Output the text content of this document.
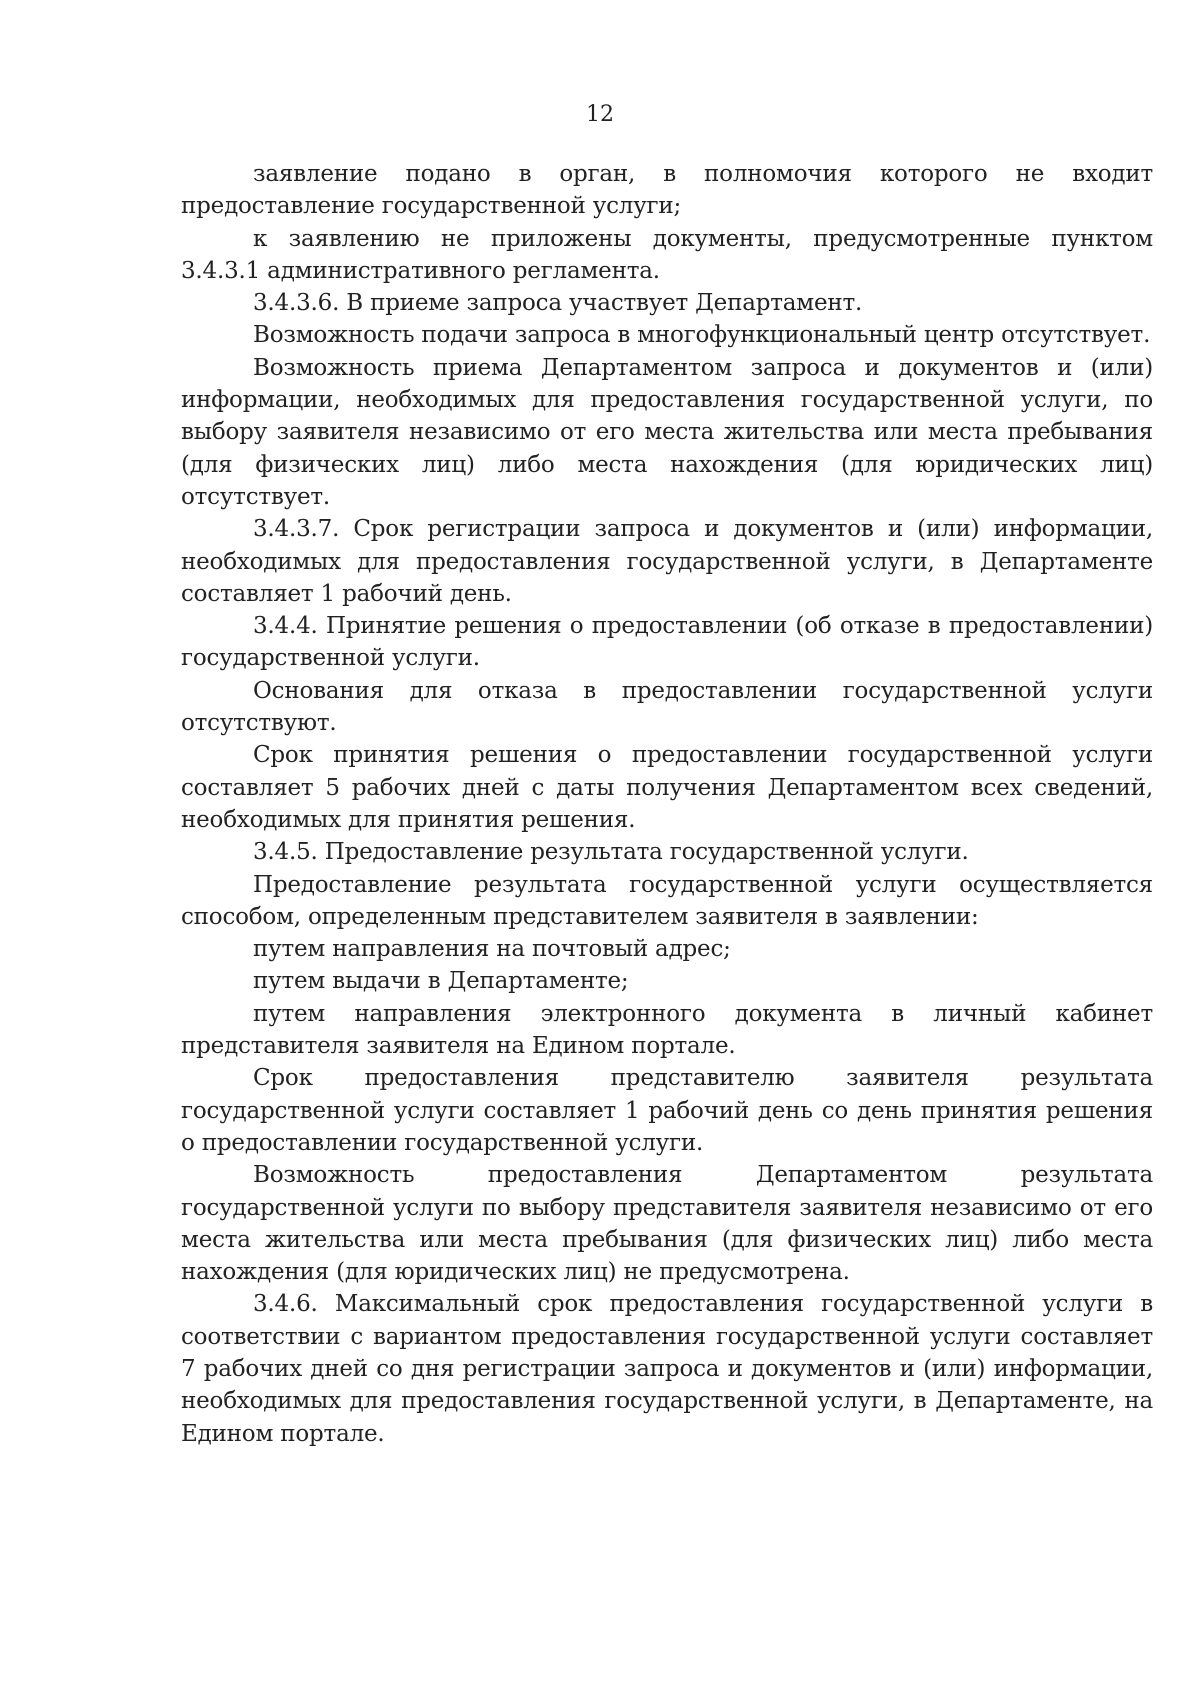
12

заявление подано в орган, в полномочия которого не входит предоставление государственной услуги;

к заявлению не приложены документы, предусмотренные пунктом 3.4.3.1 административного регламента.

3.4.3.6. В приеме запроса участвует Департамент.

Возможность подачи запроса в многофункциональный центр отсутствует.

Возможность приема Департаментом запроса и документов и (или) информации, необходимых для предоставления государственной услуги, по выбору заявителя независимо от его места жительства или места пребывания (для физических лиц) либо места нахождения (для юридических лиц) отсутствует.

3.4.3.7. Срок регистрации запроса и документов и (или) информации, необходимых для предоставления государственной услуги, в Департаменте составляет 1 рабочий день.

3.4.4. Принятие решения о предоставлении (об отказе в предоставлении) государственной услуги.

Основания для отказа в предоставлении государственной услуги отсутствуют.

Срок принятия решения о предоставлении государственной услуги составляет 5 рабочих дней с даты получения Департаментом всех сведений, необходимых для принятия решения.

3.4.5. Предоставление результата государственной услуги.

Предоставление результата государственной услуги осуществляется способом, определенным представителем заявителя в заявлении:

путем направления на почтовый адрес;

путем выдачи в Департаменте;

путем направления электронного документа в личный кабинет представителя заявителя на Едином портале.

Срок предоставления представителю заявителя результата государственной услуги составляет 1 рабочий день со день принятия решения о предоставлении государственной услуги.

Возможность предоставления Департаментом результата государственной услуги по выбору представителя заявителя независимо от его места жительства или места пребывания (для физических лиц) либо места нахождения (для юридических лиц) не предусмотрена.

3.4.6. Максимальный срок предоставления государственной услуги в соответствии с вариантом предоставления государственной услуги составляет 7 рабочих дней со дня регистрации запроса и документов и (или) информации, необходимых для предоставления государственной услуги, в Департаменте, на Едином портале.
